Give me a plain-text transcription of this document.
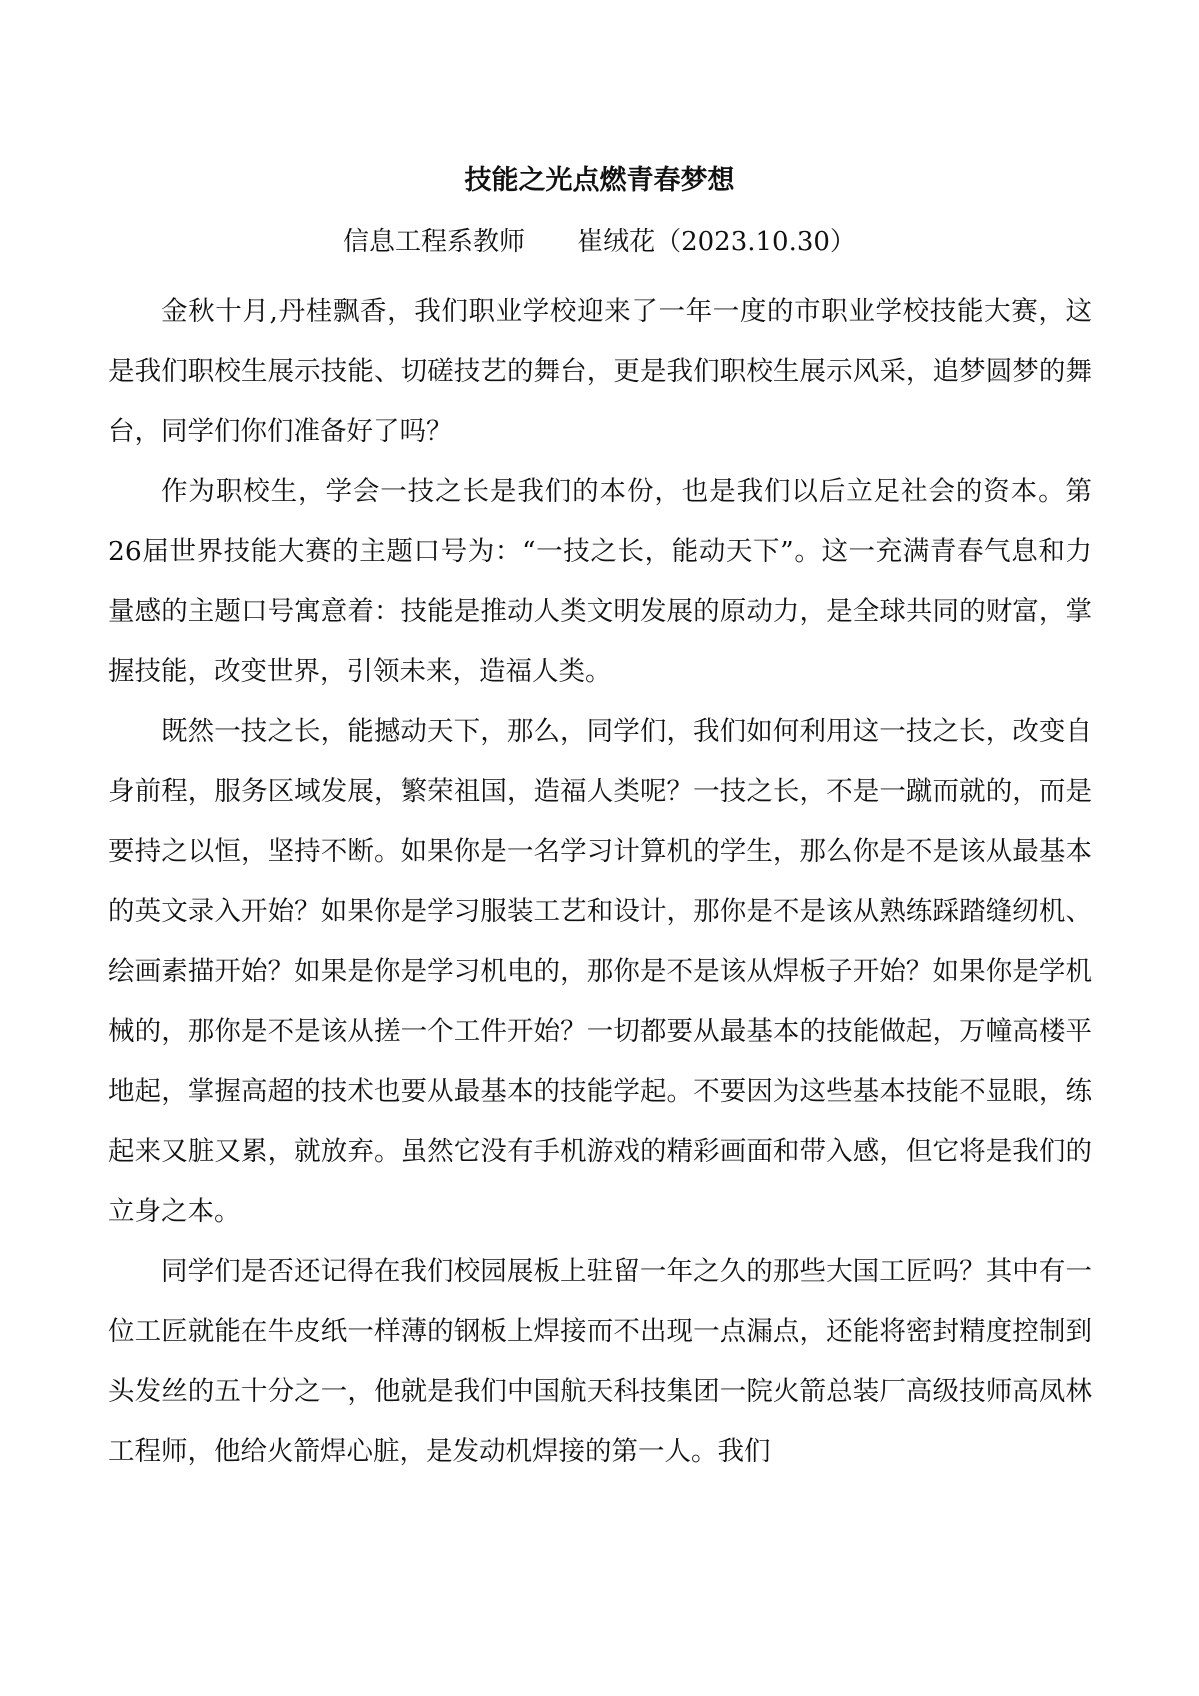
技能之光点燃青春梦想
信息工程系教师 崔绒花（2023.10.30）

金秋十月,丹桂飘香，我们职业学校迎来了一年一度的市职业学校技能大赛，这是我们职校生展示技能、切磋技艺的舞台，更是我们职校生展示风采，追梦圆梦的舞台，同学们你们准备好了吗？

作为职校生，学会一技之长是我们的本份，也是我们以后立足社会的资本。第26届世界技能大赛的主题口号为：“一技之长，能动天下”。这一充满青春气息和力量感的主题口号寓意着：技能是推动人类文明发展的原动力，是全球共同的财富，掌握技能，改变世界，引领未来，造福人类。

既然一技之长，能撼动天下，那么，同学们，我们如何利用这一技之长，改变自身前程，服务区域发展，繁荣祖国，造福人类呢？一技之长，不是一蹴而就的，而是要持之以恒，坚持不断。如果你是一名学习计算机的学生，那么你是不是该从最基本的英文录入开始？如果你是学习服装工艺和设计，那你是不是该从熟练踩踏缝纫机、绘画素描开始？如果是你是学习机电的，那你是不是该从焊板子开始？如果你是学机械的，那你是不是该从搓一个工件开始？一切都要从最基本的技能做起，万幢高楼平地起，掌握高超的技术也要从最基本的技能学起。不要因为这些基本技能不显眼，练起来又脏又累，就放弃。虽然它没有手机游戏的精彩画面和带入感，但它将是我们的立身之本。

同学们是否还记得在我们校园展板上驻留一年之久的那些大国工匠吗？其中有一位工匠就能在牛皮纸一样薄的钢板上焊接而不出现一点漏点，还能将密封精度控制到头发丝的五十分之一，他就是我们中国航天科技集团一院火箭总装厂高级技师高凤林工程师，他给火箭焊心脏，是发动机焊接的第一人。我们
